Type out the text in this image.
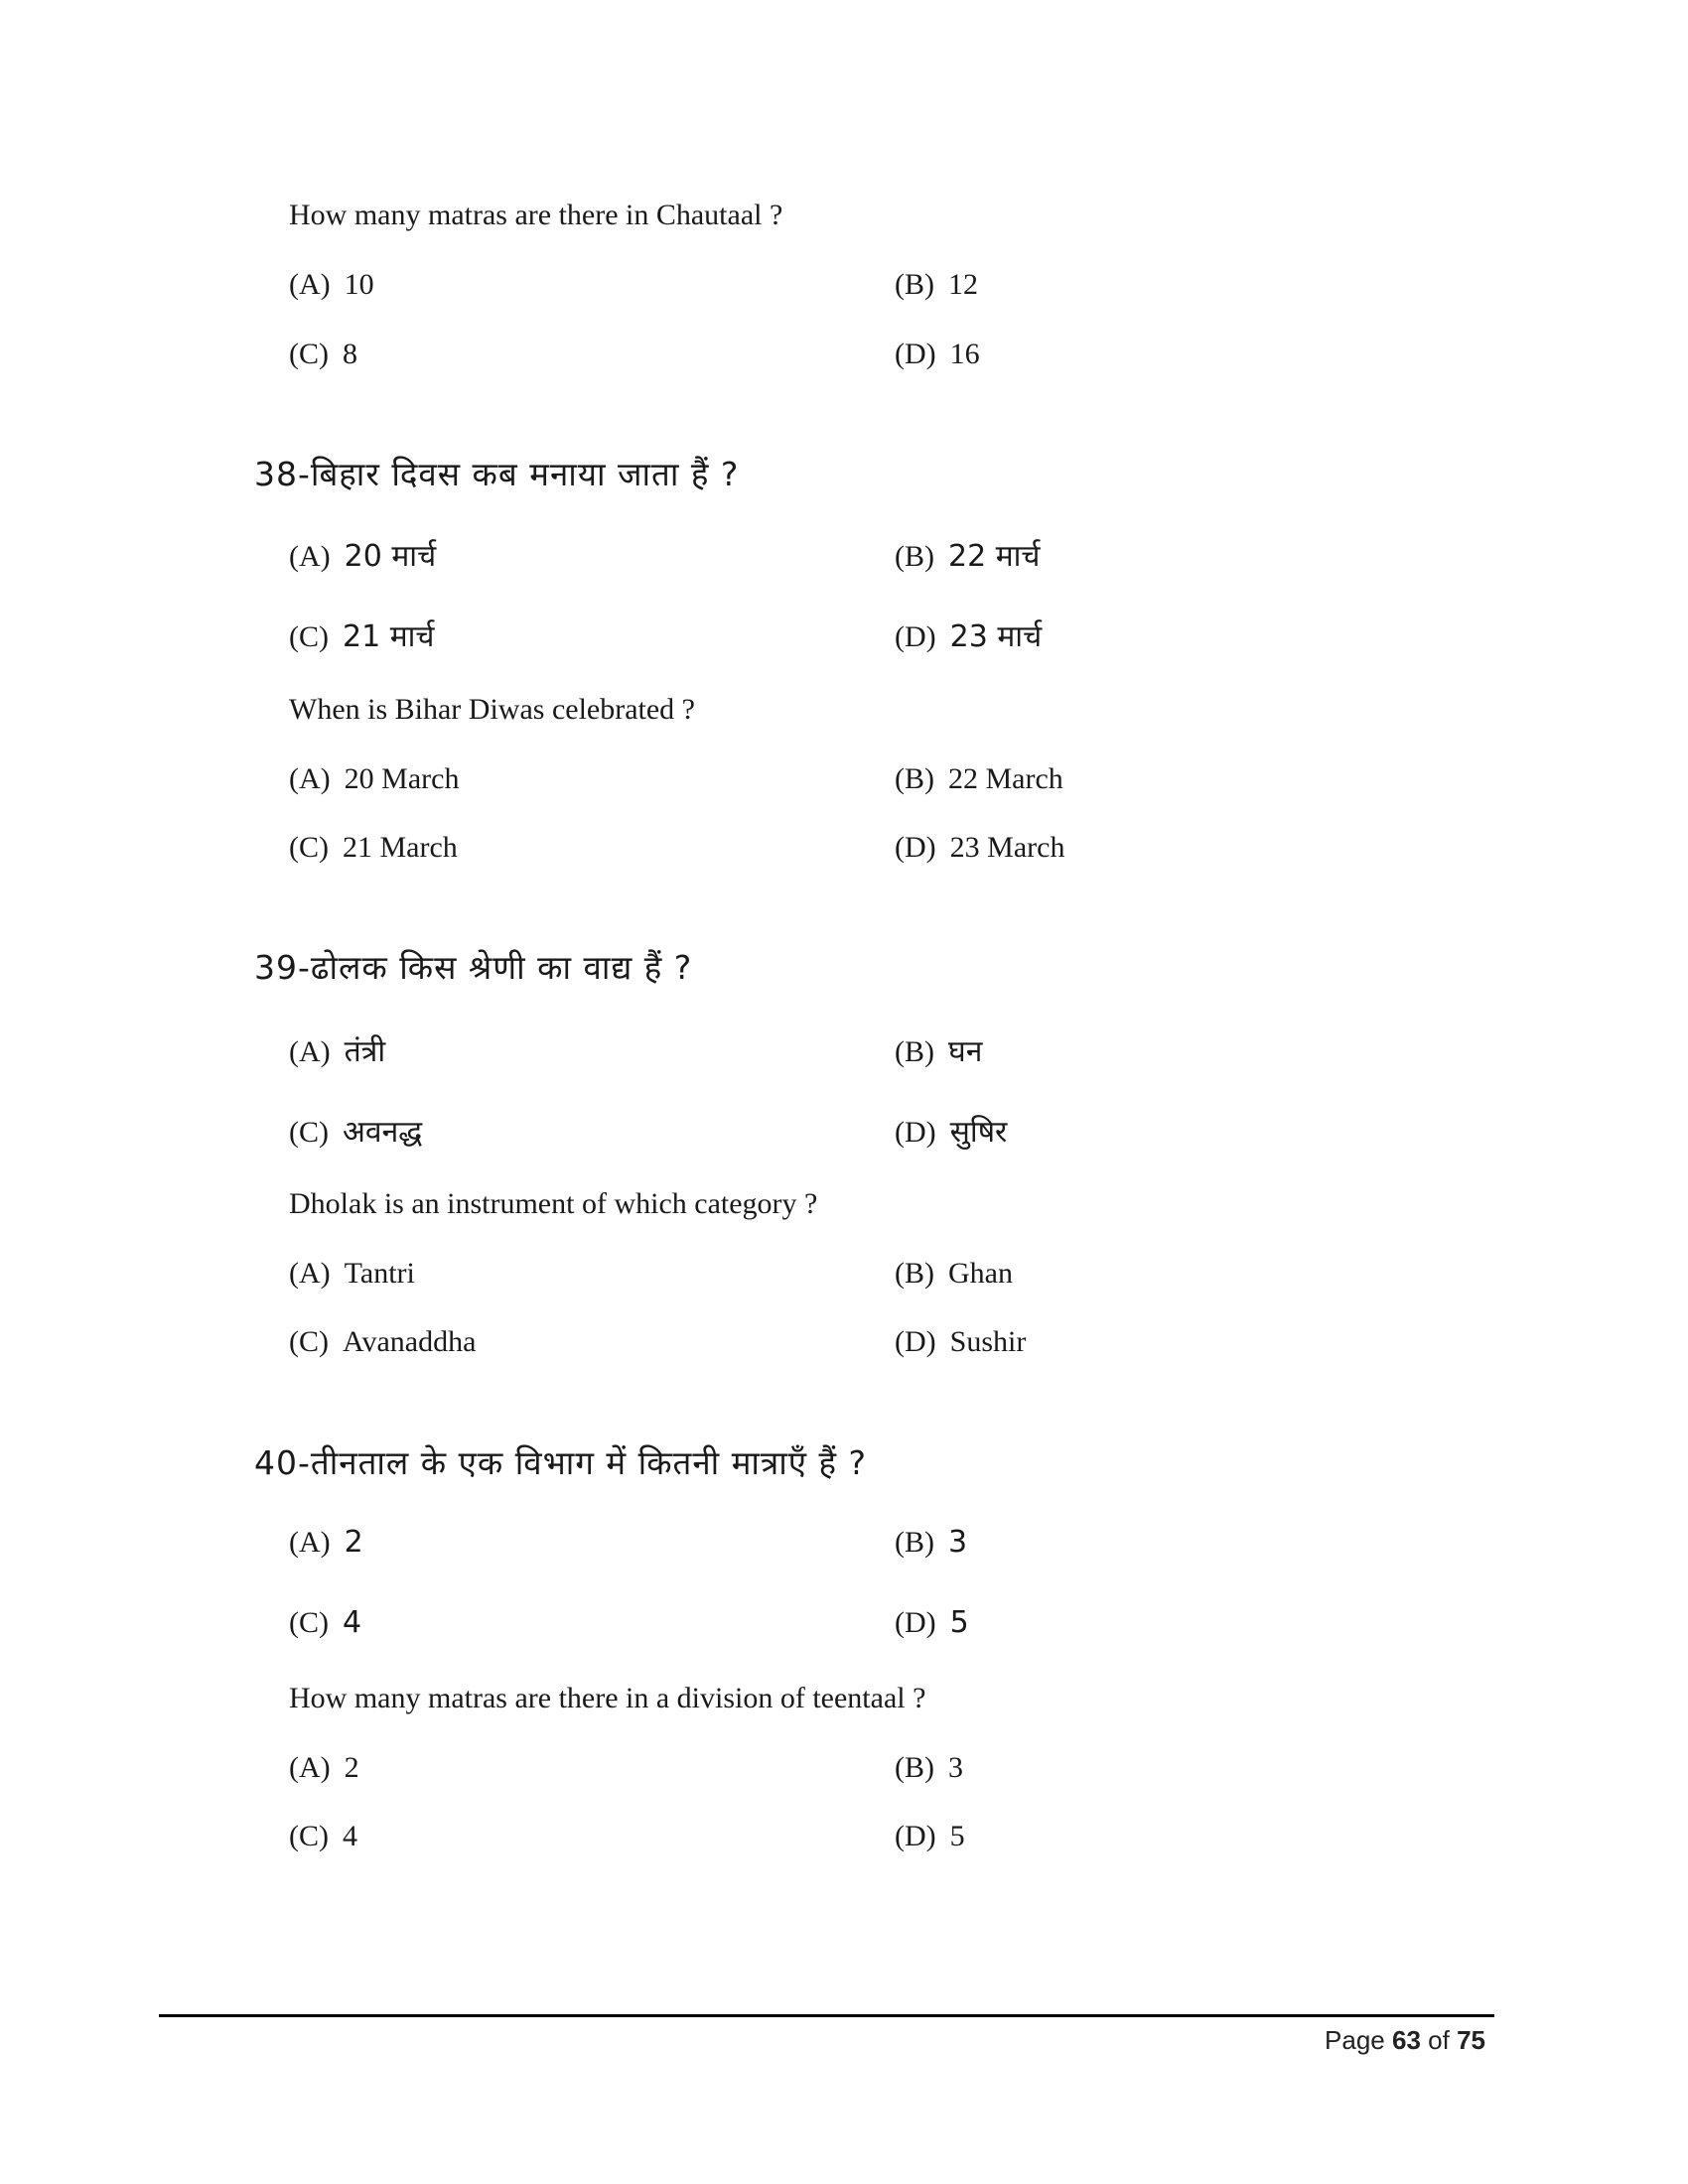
How many matras are there in Chautaal ?
(A) 10	(B) 12
(C) 8	(D) 16
38-बिहार दिवस कब मनाया जाता हैं ?
(A) 20 मार्च	(B) 22 मार्च
(C) 21 मार्च	(D) 23 मार्च
When is Bihar Diwas celebrated ?
(A) 20 March	(B) 22 March
(C) 21 March	(D) 23 March
39-ढोलक किस श्रेणी का वाद्य हैं ?
(A) तंत्री	(B) घन
(C) अवनद्ध	(D) सुषिर
Dholak is an instrument of which category ?
(A) Tantri	(B) Ghan
(C) Avanaddha	(D) Sushir
40-तीनताल के एक विभाग में कितनी मात्राएँ हैं ?
(A) 2	(B) 3
(C) 4	(D) 5
How many matras are there in a division of teentaal ?
(A) 2	(B) 3
(C) 4	(D) 5
Page 63 of 75
